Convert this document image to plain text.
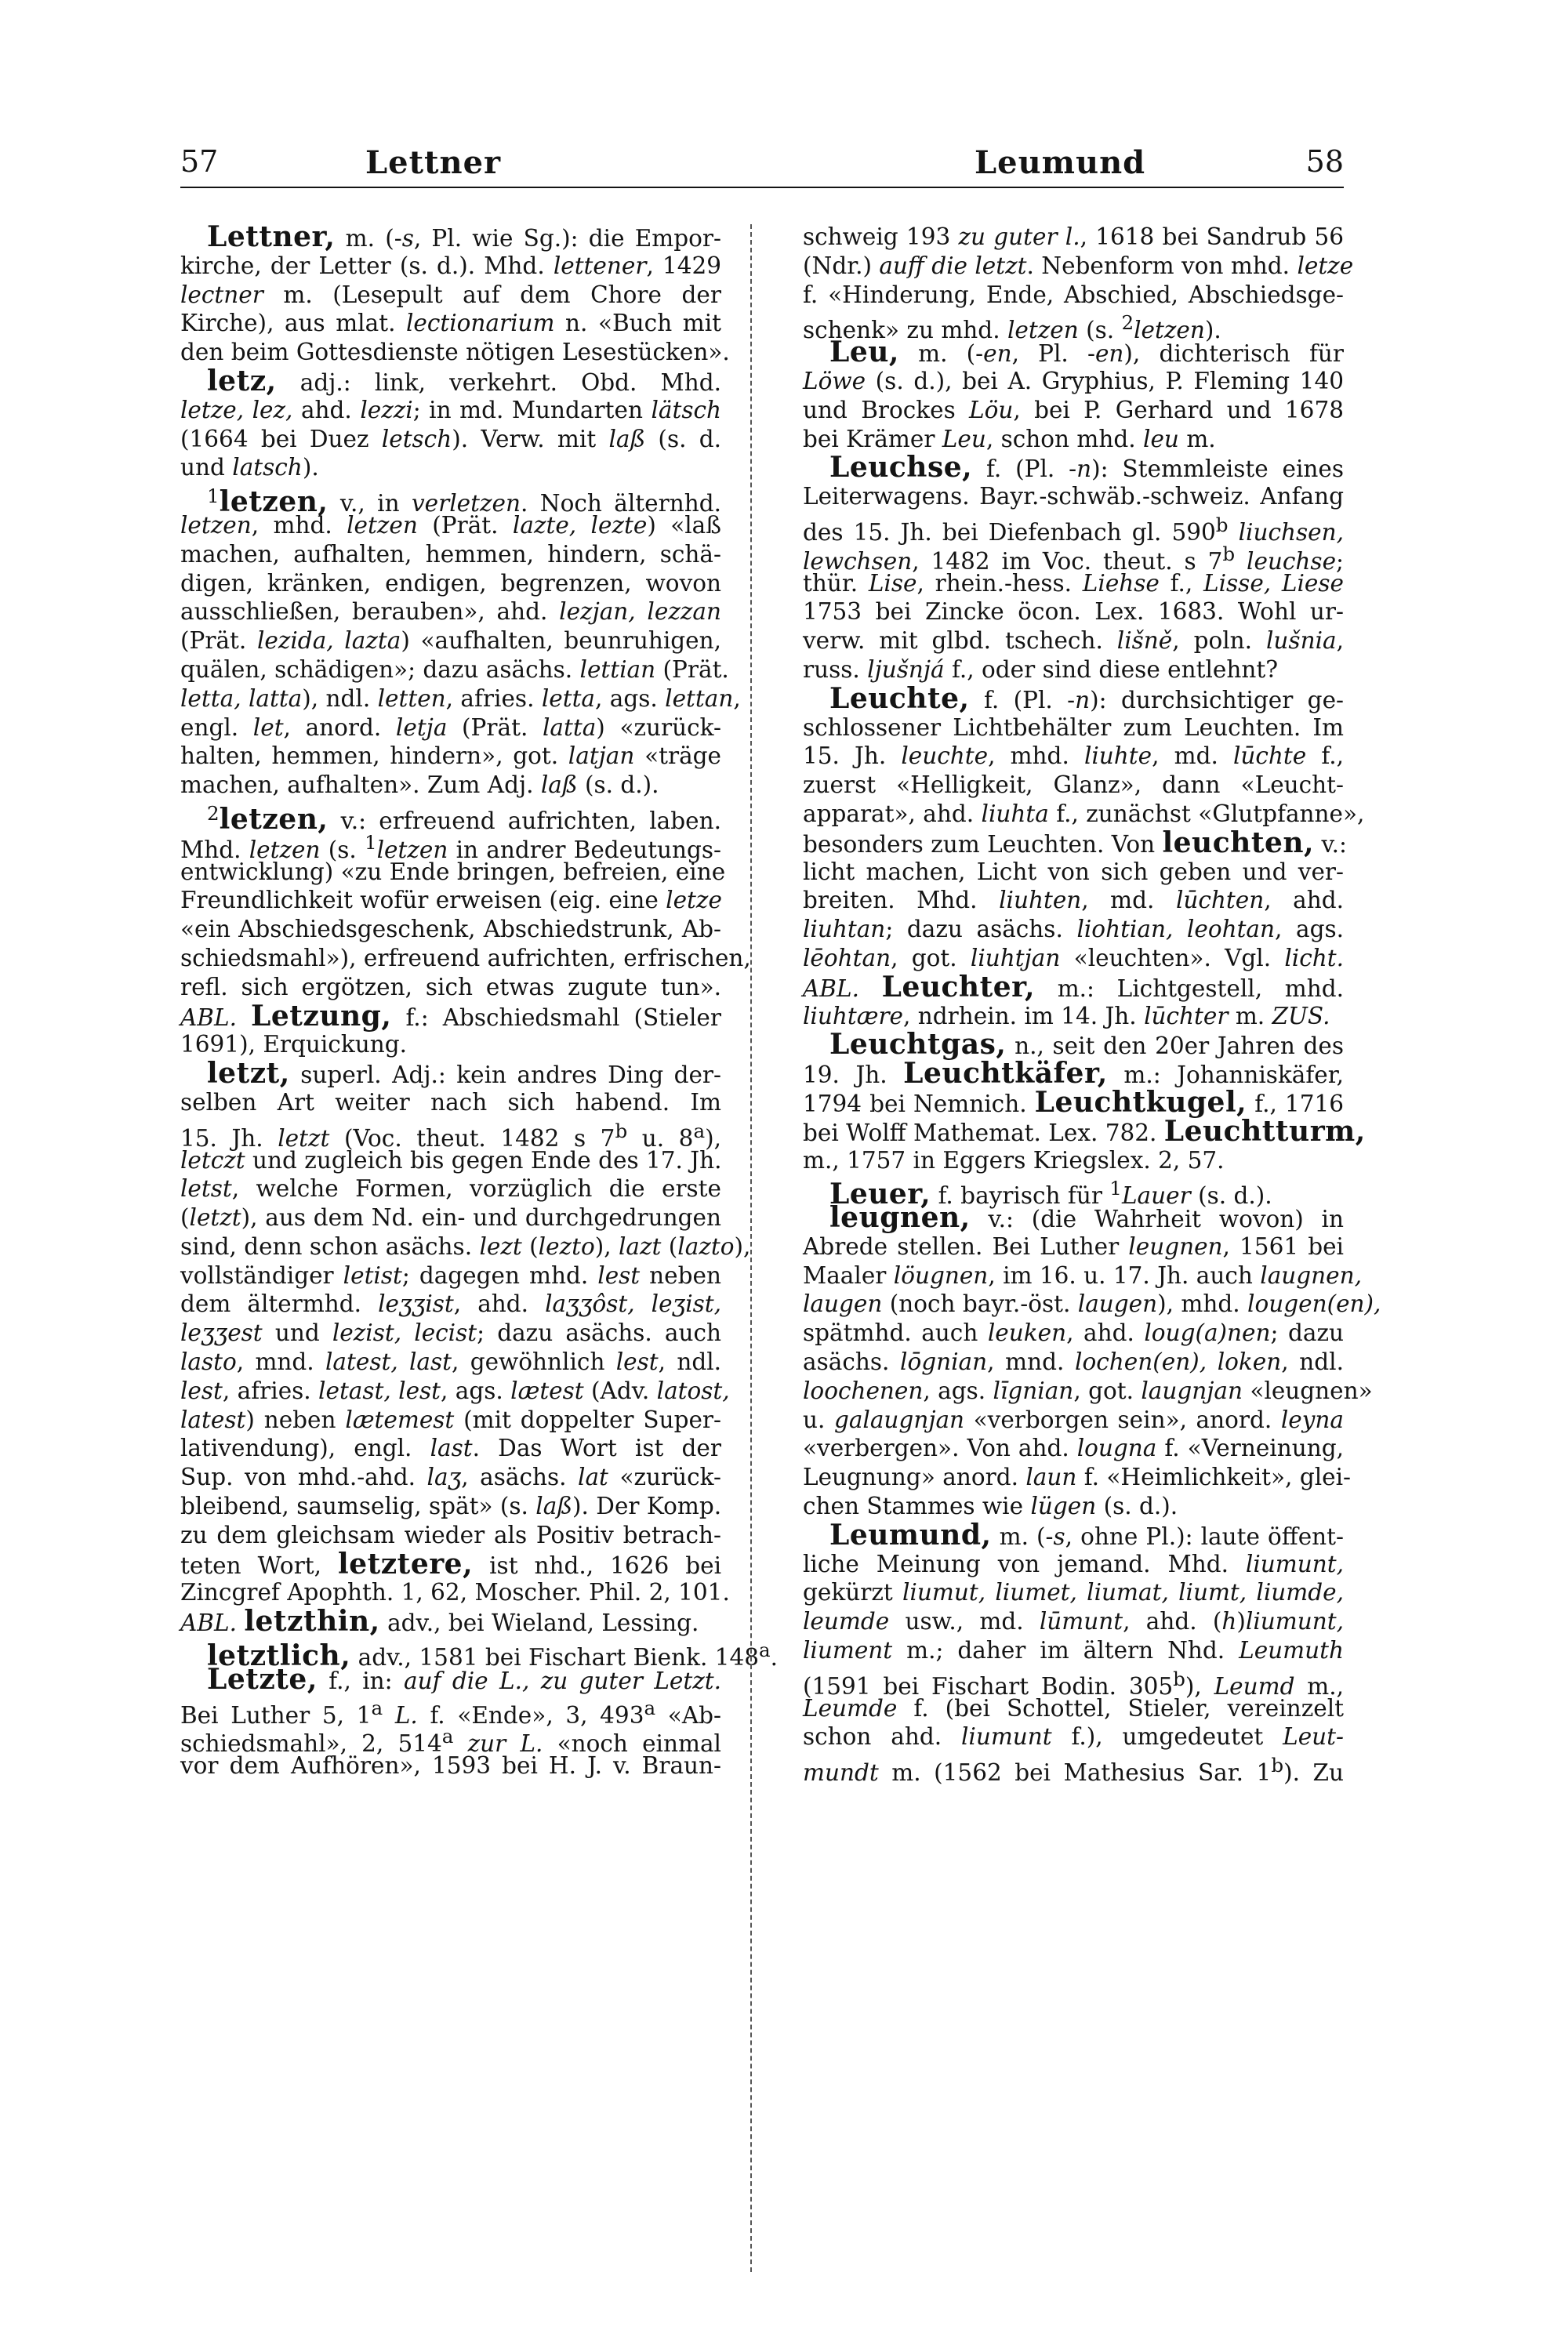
57	Lettner	Leumund	58
Lettner, m. (-s, Pl. wie Sg.): die Empor-
kirche, der Letter (s. d.). Mhd. lettener, 1429
lectner m. (Lesepult auf dem Chore der
Kirche), aus mlat. lectionarium n. «Buch mit
den beim Gottesdienste nötigen Lesestücken».
letz, adj.: link, verkehrt. Obd. Mhd.
letze, lez, ahd. lezzi; in md. Mundarten lätsch
(1664 bei Duez letsch). Verw. mit laß (s. d.
und latsch).
$^1$letzen, v., in verletzen. Noch älternhd.
letzen, mhd. letzen (Prät. lazte, lezte) «laß
machen, aufhalten, hemmen, hindern, schä-
digen, kränken, endigen, begrenzen, wovon
ausschließen, berauben», ahd. lezjan, lezzan
(Prät. lezida, lazta) «aufhalten, beunruhigen,
quälen, schädigen»; dazu asächs. lettian (Prät.
letta, latta), ndl. letten, afries. letta, ags. lettan,
engl. let, anord. letja (Prät. latta) «zurück-
halten, hemmen, hindern», got. latjan «träge
machen, aufhalten». Zum Adj. laß (s. d.).
$^2$letzen, v.: erfreuend aufrichten, laben.
Mhd. letzen (s. $^1$letzen in andrer Bedeutungs-
entwicklung) «zu Ende bringen, befreien, eine
Freundlichkeit wofür erweisen (eig. eine letze
«ein Abschiedsgeschenk, Abschiedstrunk, Ab-
schiedsmahl»), erfreuend aufrichten, erfrischen,
refl. sich ergötzen, sich etwas zugute tun».
ABL. Letzung, f.: Abschiedsmahl (Stieler
1691), Erquickung.
letzt, superl. Adj.: kein andres Ding der-
selben Art weiter nach sich habend. Im
15. Jh. letzt (Voc. theut. 1482 s 7$^b$ u. 8$^a$),
letczt und zugleich bis gegen Ende des 17. Jh.
letst, welche Formen, vorzüglich die erste
(letzt), aus dem Nd. ein- und durchgedrungen
sind, denn schon asächs. lezt (lezto), lazt (lazto),
vollständiger letist; dagegen mhd. lest neben
dem ältermhd. leʒʒist, ahd. laʒʒôst, leʒist,
leʒʒest und lezist, lecist; dazu asächs. auch
lasto, mnd. latest, last, gewöhnlich lest, ndl.
lest, afries. letast, lest, ags. lætest (Adv. latost,
latest) neben lætemest (mit doppelter Super-
lativendung), engl. last. Das Wort ist der
Sup. von mhd.-ahd. laʒ, asächs. lat «zurück-
bleibend, saumselig, spät» (s. laß). Der Komp.
zu dem gleichsam wieder als Positiv betrach-
teten Wort, letztere, ist nhd., 1626 bei
Zincgref Apophth. 1, 62, Moscher. Phil. 2, 101.
ABL. letzthin, adv., bei Wieland, Lessing.
letztlich, adv., 1581 bei Fischart Bienk. 148$^a$.
Letzte, f., in: auf die L., zu guter Letzt.
Bei Luther 5, 1$^a$ L. f. «Ende», 3, 493$^a$ «Ab-
schiedsmahl», 2, 514$^a$ zur L. «noch einmal
vor dem Aufhören», 1593 bei H. J. v. Braun-
schweig 193 zu guter l., 1618 bei Sandrub 56
(Ndr.) auff die letzt. Nebenform von mhd. letze
f. «Hinderung, Ende, Abschied, Abschiedsge-
schenk» zu mhd. letzen (s. $^2$letzen).
Leu, m. (-en, Pl. -en), dichterisch für
Löwe (s. d.), bei A. Gryphius, P. Fleming 140
und Brockes Löu, bei P. Gerhard und 1678
bei Krämer Leu, schon mhd. leu m.
Leuchse, f. (Pl. -n): Stemmleiste eines
Leiterwagens. Bayr.-schwäb.-schweiz. Anfang
des 15. Jh. bei Diefenbach gl. 590$^b$ liuchsen,
lewchsen, 1482 im Voc. theut. s 7$^b$ leuchse;
thür. Lise, rhein.-hess. Liehse f., Lisse, Liese
1753 bei Zincke öcon. Lex. 1683. Wohl ur-
verw. mit glbd. tschech. lišně, poln. lušnia,
russ. ljušnjá f., oder sind diese entlehnt?
Leuchte, f. (Pl. -n): durchsichtiger ge-
schlossener Lichtbehälter zum Leuchten. Im
15. Jh. leuchte, mhd. liuhte, md. lūchte f.,
zuerst «Helligkeit, Glanz», dann «Leucht-
apparat», ahd. liuhta f., zunächst «Glutpfanne»,
besonders zum Leuchten. Von leuchten, v.:
licht machen, Licht von sich geben und ver-
breiten. Mhd. liuhten, md. lūchten, ahd.
liuhtan; dazu asächs. liohtian, leohtan, ags.
lēohtan, got. liuhtjan «leuchten». Vgl. licht.
ABL. Leuchter, m.: Lichtgestell, mhd.
liuhtære, ndrhein. im 14. Jh. lūchter m. ZUS.
Leuchtgas, n., seit den 20er Jahren des
19. Jh. Leuchtkäfer, m.: Johanniskäfer,
1794 bei Nemnich. Leuchtkugel, f., 1716
bei Wolff Mathemat. Lex. 782. Leuchtturm,
m., 1757 in Eggers Kriegslex. 2, 57.
Leuer, f. bayrisch für $^1$Lauer (s. d.).
leugnen, v.: (die Wahrheit wovon) in
Abrede stellen. Bei Luther leugnen, 1561 bei
Maaler löugnen, im 16. u. 17. Jh. auch laugnen,
laugen (noch bayr.-öst. laugen), mhd. lougen(en),
spätmhd. auch leuken, ahd. loug(a)nen; dazu
asächs. lōgnian, mnd. lochen(en), loken, ndl.
loochenen, ags. līgnian, got. laugnjan «leugnen»
u. galaugnjan «verborgen sein», anord. leyna
«verbergen». Von ahd. lougna f. «Verneinung,
Leugnung» anord. laun f. «Heimlichkeit», glei-
chen Stammes wie lügen (s. d.).
Leumund, m. (-s, ohne Pl.): laute öffent-
liche Meinung von jemand. Mhd. liumunt,
gekürzt liumut, liumet, liumat, liumt, liumde,
leumde usw., md. lūmunt, ahd. (h)liumunt,
liument m.; daher im ältern Nhd. Leumuth
(1591 bei Fischart Bodin. 305$^b$), Leumd m.,
Leumde f. (bei Schottel, Stieler, vereinzelt
schon ahd. liumunt f.), umgedeutet Leut-
mundt m. (1562 bei Mathesius Sar. 1$^b$). Zu
